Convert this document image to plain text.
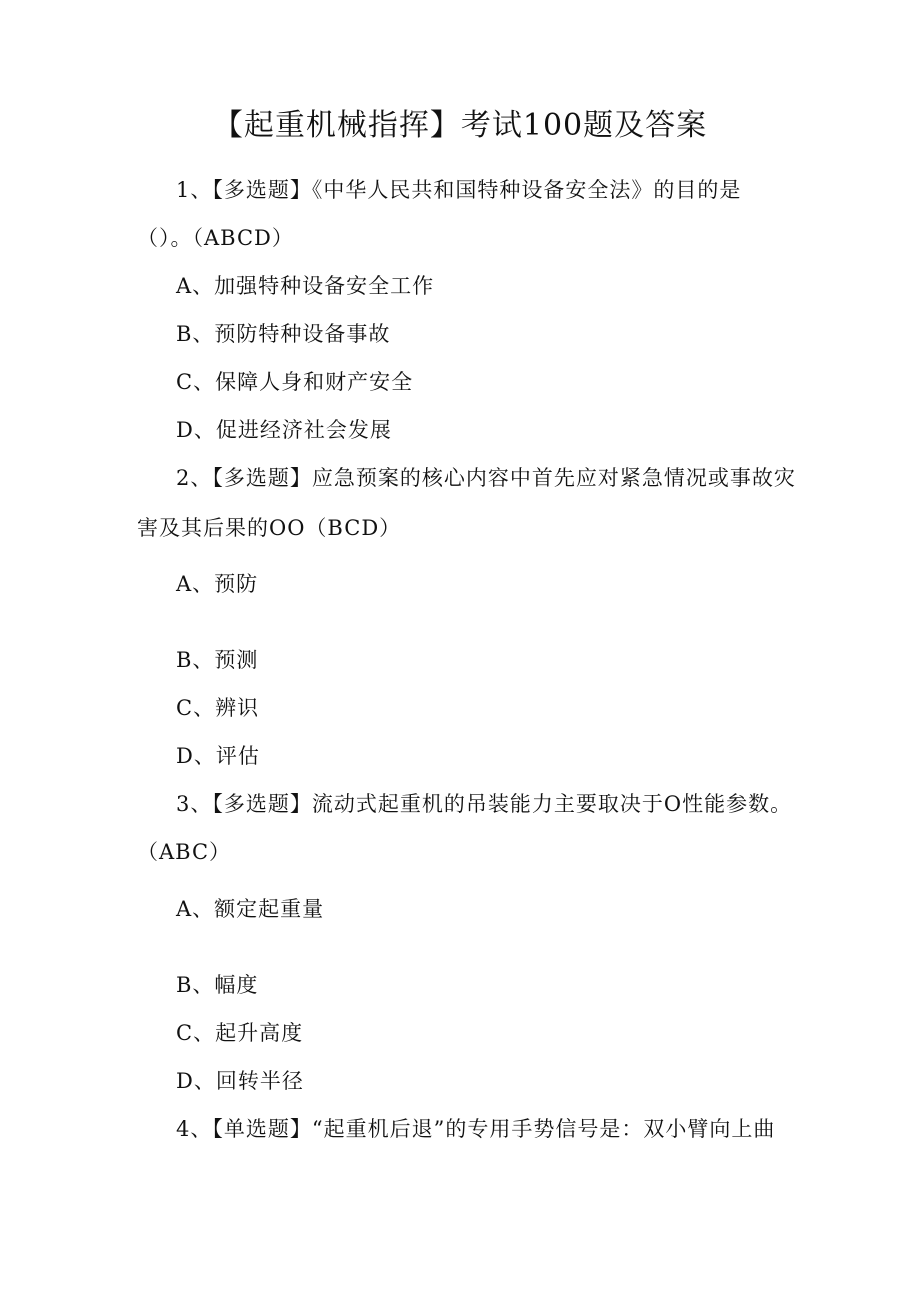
【起重机械指挥】考试100题及答案
1、【多选题】《中华人民共和国特种设备安全法》的目的是
（）。（ABCD）
A、加强特种设备安全工作
B、预防特种设备事故
C、保障人身和财产安全
D、促进经济社会发展
2、【多选题】应急预案的核心内容中首先应对紧急情况或事故灾
害及其后果的OO（BCD）
A、预防
B、预测
C、辨识
D、评估
3、【多选题】流动式起重机的吊装能力主要取决于O性能参数。
（ABC）
A、额定起重量
B、幅度
C、起升高度
D、回转半径
4、【单选题】“起重机后退”的专用手势信号是：双小臂向上曲
